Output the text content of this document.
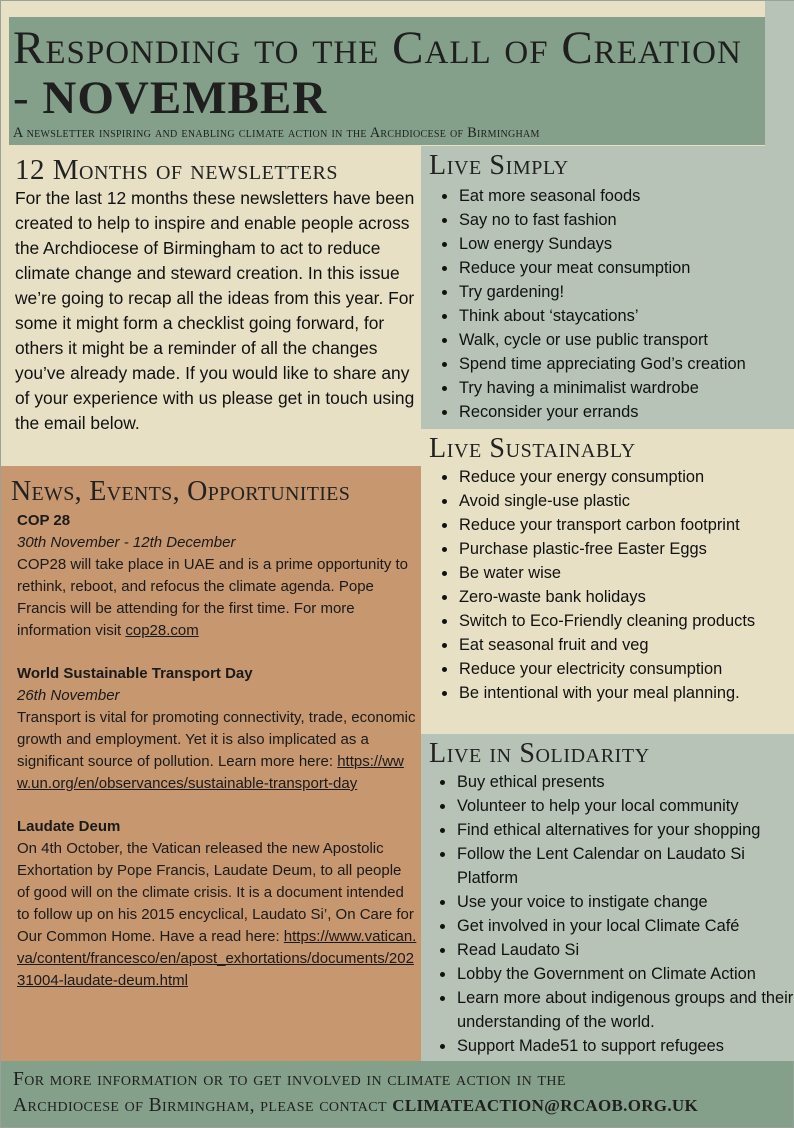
Responding to the Call of Creation - NOVEMBER
A newsletter inspiring and enabling climate action in the Archdiocese of Birmingham
12 Months of newsletters

For the last 12 months these newsletters have been created to help to inspire and enable people across the Archdiocese of Birmingham to act to reduce climate change and steward creation. In this issue we’re going to recap all the ideas from this year. For some it might form a checklist going forward, for others it might be a reminder of all the changes you’ve already made. If you would like to share any of your experience with us please get in touch using the email below.

News, Events, Opportunities
COP 28
30th November - 12th December
COP28 will take place in UAE and is a prime opportunity to rethink, reboot, and refocus the climate agenda. Pope Francis will be attending for the first time. For more information visit cop28.com
World Sustainable Transport Day
26th November
Transport is vital for promoting connectivity, trade, economic growth and employment. Yet it is also implicated as a significant source of pollution. Learn more here: https://www.un.org/en/observances/sustainable-transport-day
Laudate Deum
On 4th October, the Vatican released the new Apostolic Exhortation by Pope Francis, Laudate Deum, to all people of good will on the climate crisis. It is a document intended to follow up on his 2015 encyclical, Laudato Si’, On Care for Our Common Home. Have a read here: https://www.vatican.va/content/francesco/en/apost_exhortations/documents/20231004-laudate-deum.html
Live Simply
Eat more seasonal foods
Say no to fast fashion
Low energy Sundays
Reduce your meat consumption
Try gardening!
Think about ‘staycations’
Walk, cycle or use public transport
Spend time appreciating God’s creation
Try having a minimalist wardrobe
Reconsider your errands
Live Sustainably
Reduce your energy consumption
Avoid single-use plastic
Reduce your transport carbon footprint
Purchase plastic-free Easter Eggs
Be water wise
Zero-waste bank holidays
Switch to Eco-Friendly cleaning products
Eat seasonal fruit and veg
Reduce your electricity consumption
Be intentional with your meal planning.
Live in Solidarity
Buy ethical presents
Volunteer to help your local community
Find ethical alternatives for your shopping
Follow the Lent Calendar on Laudato Si Platform
Use your voice to instigate change
Get involved in your local Climate Café
Read Laudato Si
Lobby the Government on Climate Action
Learn more about indigenous groups and their understanding of the world.
Support Made51 to support refugees
For more information or to get involved in climate action in the
Archdiocese of Birmingham, please contact CLIMATEACTION@RCAOB.ORG.UK
